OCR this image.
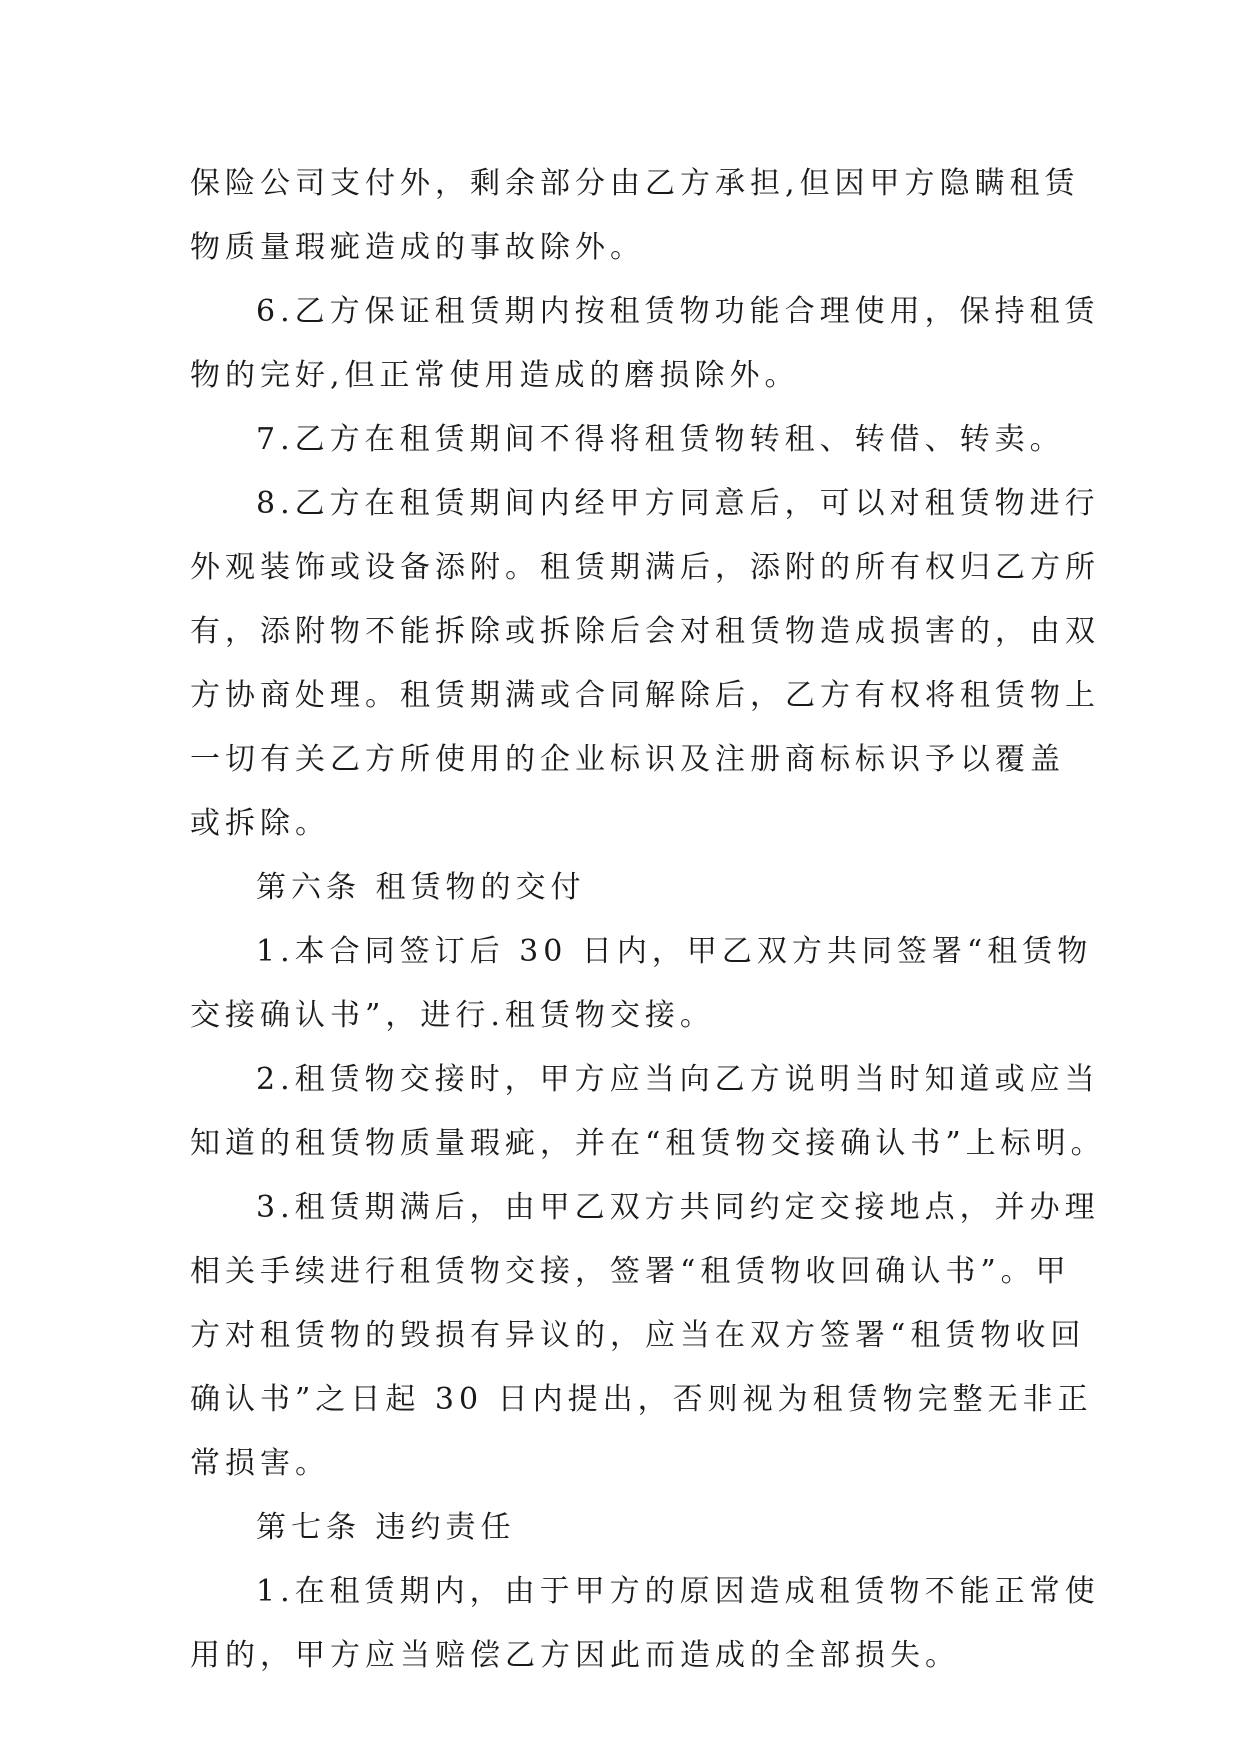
保险公司支付外，剩余部分由乙方承担,但因甲方隐瞒租赁
物质量瑕疵造成的事故除外。
6.乙方保证租赁期内按租赁物功能合理使用，保持租赁
物的完好,但正常使用造成的磨损除外。
7.乙方在租赁期间不得将租赁物转租、转借、转卖。
8.乙方在租赁期间内经甲方同意后，可以对租赁物进行
外观装饰或设备添附。租赁期满后，添附的所有权归乙方所
有，添附物不能拆除或拆除后会对租赁物造成损害的，由双
方协商处理。租赁期满或合同解除后，乙方有权将租赁物上
一切有关乙方所使用的企业标识及注册商标标识予以覆盖
或拆除。
第六条 租赁物的交付
1.本合同签订后 30 日内，甲乙双方共同签署“租赁物
交接确认书”，进行.租赁物交接。
2.租赁物交接时，甲方应当向乙方说明当时知道或应当
知道的租赁物质量瑕疵，并在“租赁物交接确认书”上标明。
3.租赁期满后，由甲乙双方共同约定交接地点，并办理
相关手续进行租赁物交接，签署“租赁物收回确认书”。甲
方对租赁物的毁损有异议的，应当在双方签署“租赁物收回
确认书”之日起 30 日内提出，否则视为租赁物完整无非正
常损害。
第七条 违约责任
1.在租赁期内，由于甲方的原因造成租赁物不能正常使
用的，甲方应当赔偿乙方因此而造成的全部损失。
